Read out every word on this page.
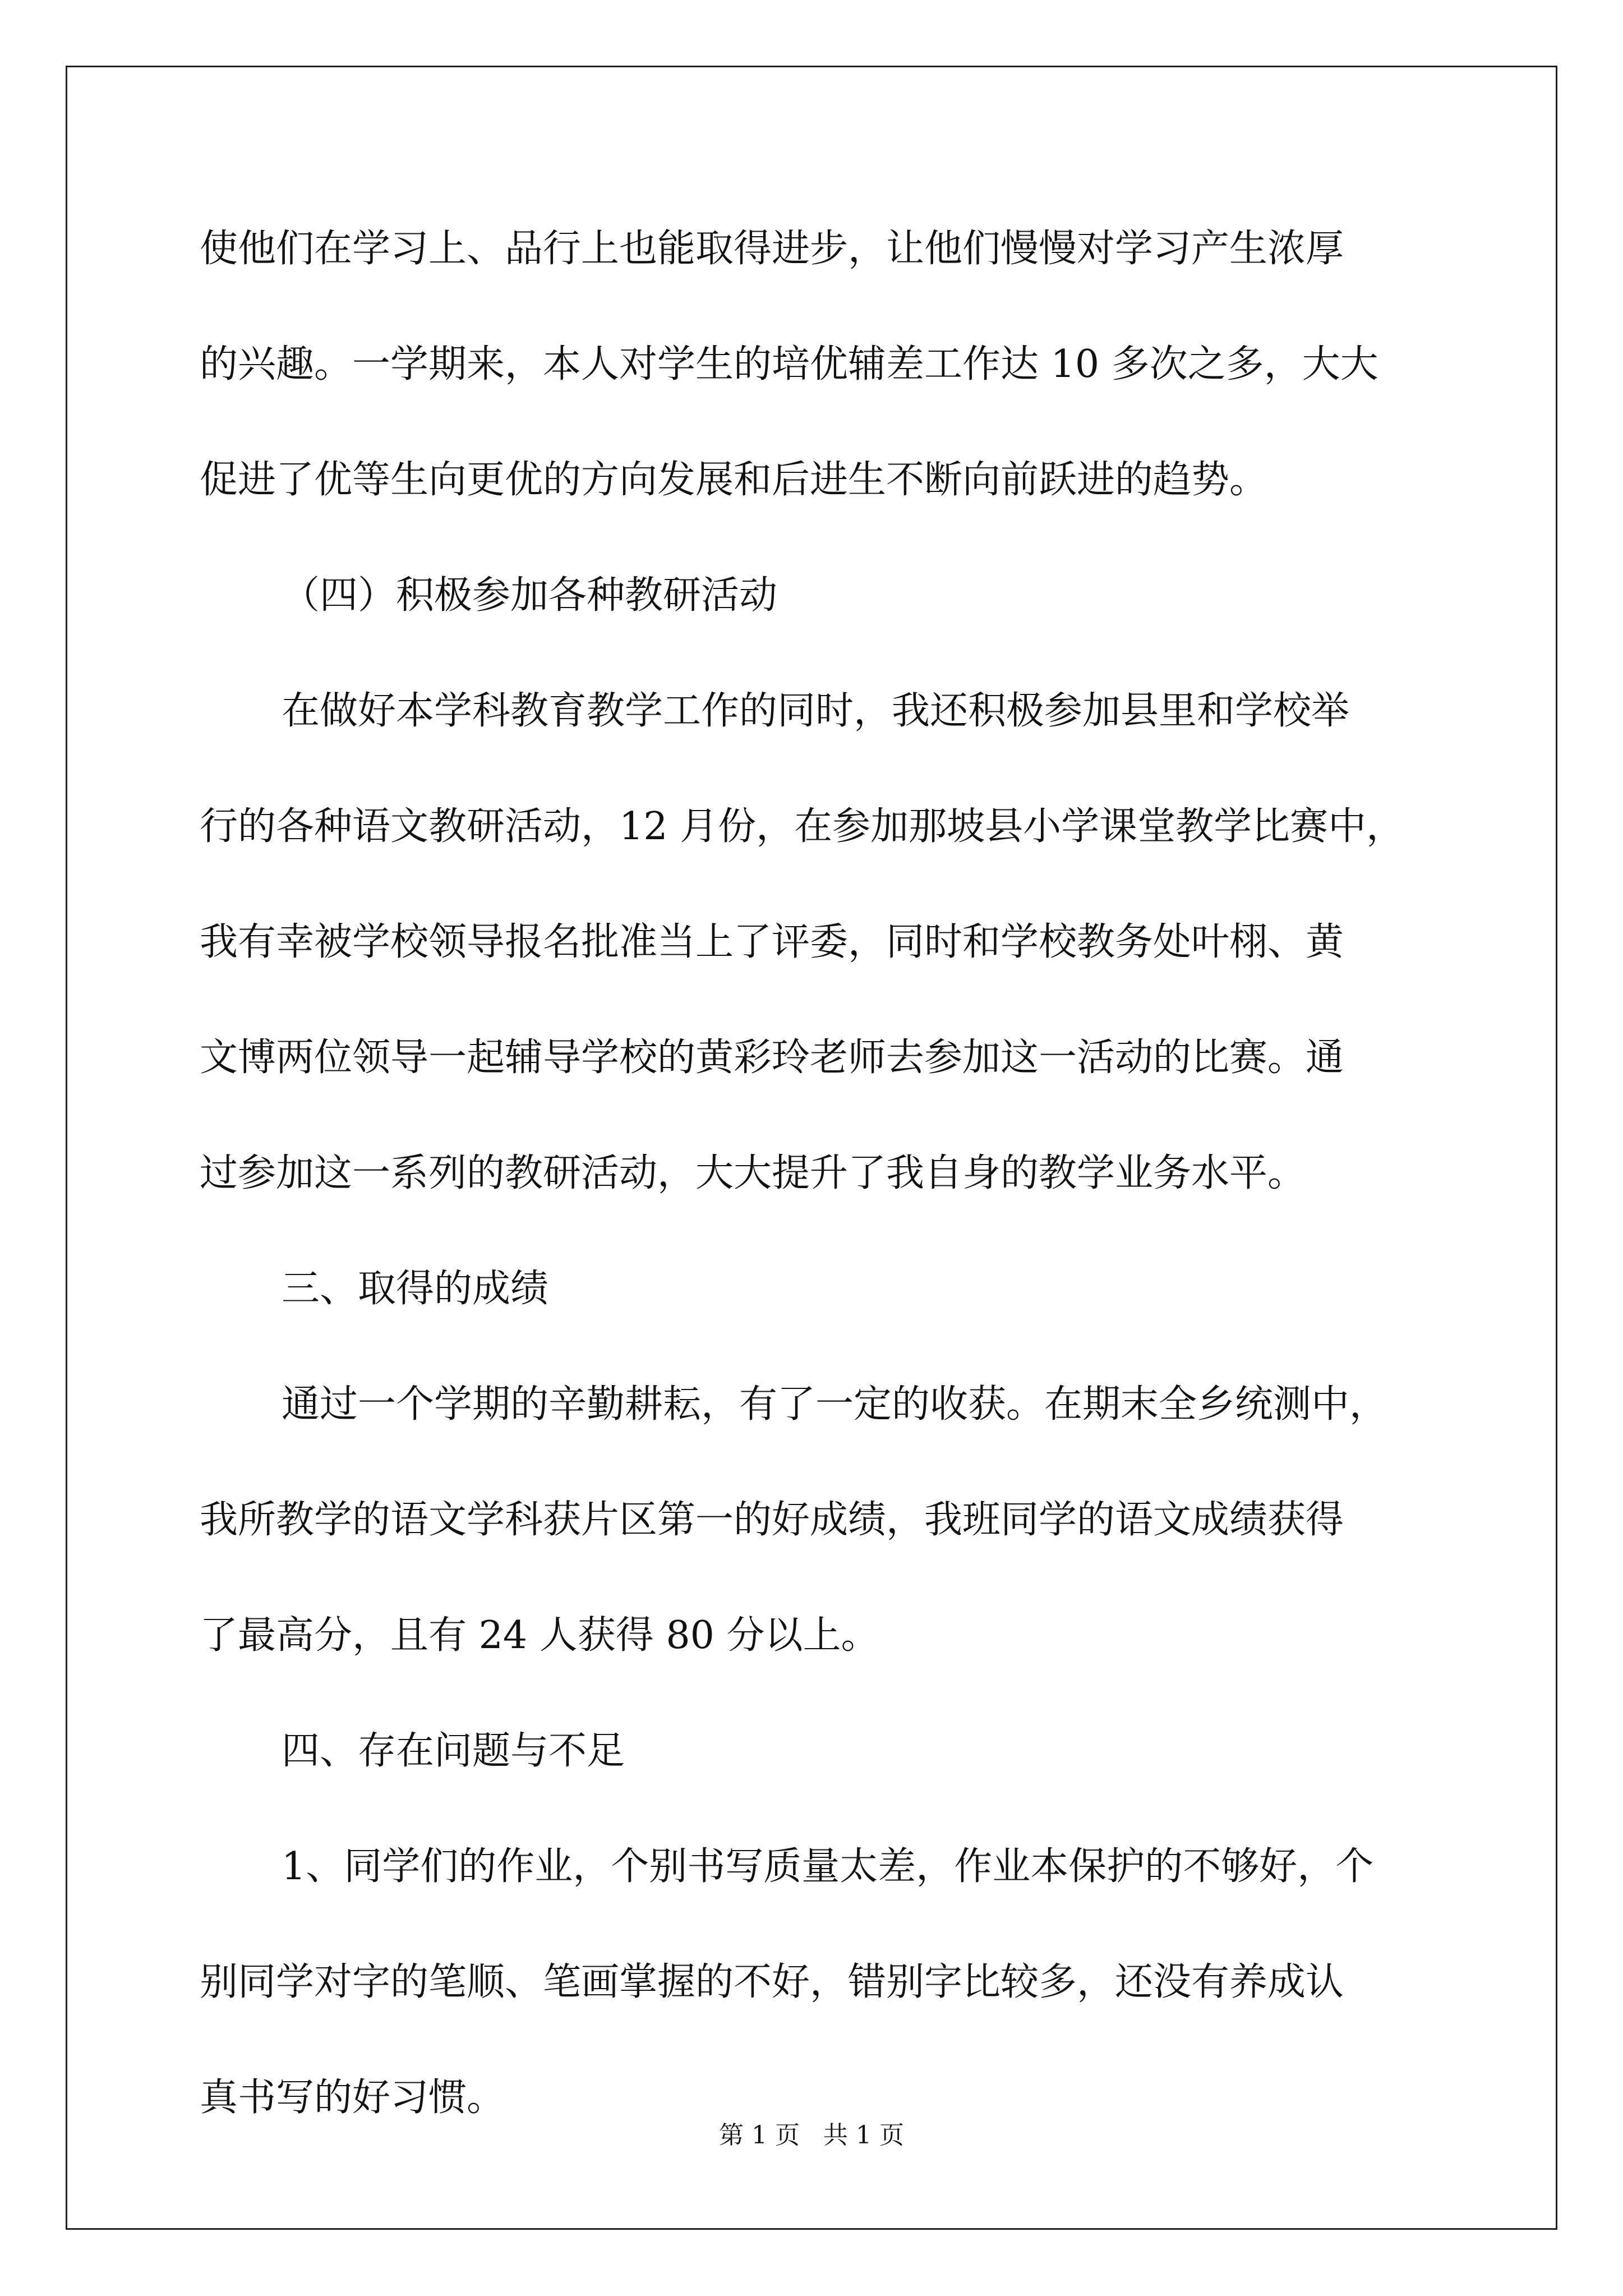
使他们在学习上、品行上也能取得进步，让他们慢慢对学习产生浓厚
的兴趣。一学期来，本人对学生的培优辅差工作达 10 多次之多，大大
促进了优等生向更优的方向发展和后进生不断向前跃进的趋势。
（四）积极参加各种教研活动
在做好本学科教育教学工作的同时，我还积极参加县里和学校举
行的各种语文教研活动，12 月份，在参加那坡县小学课堂教学比赛中，
我有幸被学校领导报名批准当上了评委，同时和学校教务处叶栩、黄
文博两位领导一起辅导学校的黄彩玲老师去参加这一活动的比赛。通
过参加这一系列的教研活动，大大提升了我自身的教学业务水平。
三、取得的成绩
通过一个学期的辛勤耕耘，有了一定的收获。在期末全乡统测中，
我所教学的语文学科获片区第一的好成绩，我班同学的语文成绩获得
了最高分，且有 24 人获得 80 分以上。
四、存在问题与不足
1、同学们的作业，个别书写质量太差，作业本保护的不够好，个
别同学对字的笔顺、笔画掌握的不好，错别字比较多，还没有养成认
真书写的好习惯。
第 1 页   共 1 页
